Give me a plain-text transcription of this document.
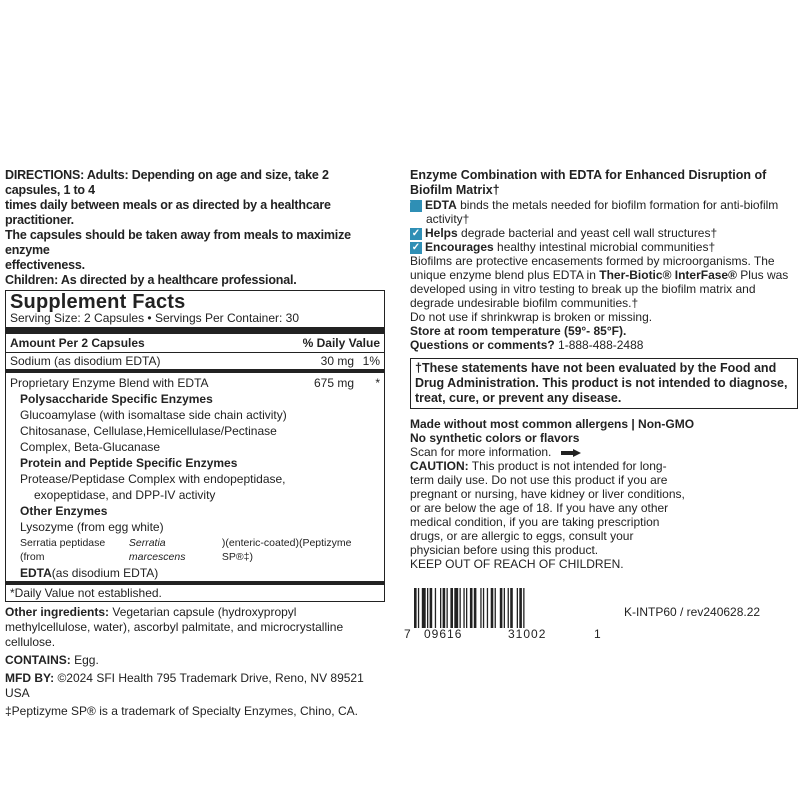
DIRECTIONS: Adults: Depending on age and size, take 2 capsules, 1 to 4
times daily between meals or as directed by a healthcare practitioner.
The capsules should be taken away from meals to maximize enzyme
effectiveness.
Children: As directed by a healthcare professional.
Supplement Facts
Serving Size: 2 Capsules • Servings Per Container: 30
Amount Per 2 Capsules	% Daily Value
Sodium (as disodium EDTA)	30 mg 1%
Proprietary Enzyme Blend with EDTA	675 mg	*
Polysaccharide Specific Enzymes
Glucoamylase (with isomaltase side chain activity)
Chitosanase, Cellulase,Hemicellulase/Pectinase
Complex, Beta-Glucanase
Protein and Peptide Specific Enzymes
Protease/Peptidase Complex with endopeptidase,
exopeptidase, and DPP-IV activity
Other Enzymes
Lysozyme (from egg white)
Serratia peptidase (from
Serratia marcescens
)(enteric-coated)(Peptizyme SP®‡)
EDTA (as disodium EDTA)
*Daily Value not established.
Other ingredients: Vegetarian capsule (hydroxypropyl methylcellulose, water), ascorbyl palmitate, and microcrystalline cellulose.
CONTAINS: Egg.
MFD BY: ©2024 SFI Health 795 Trademark Drive, Reno, NV 89521 USA
‡Peptizyme SP® is a trademark of Specialty Enzymes, Chino, CA.
Enzyme Combination with EDTA for Enhanced Disruption of Biofilm Matrix†
✓ EDTA binds the metals needed for biofilm formation for anti-biofilm activity†
✓ Helps degrade bacterial and yeast cell wall structures†
✓ Encourages healthy intestinal microbial communities†
Biofilms are protective encasements formed by microorganisms. The unique enzyme blend plus EDTA in Ther-Biotic® InterFase® Plus was developed using in vitro testing to break up the biofilm matrix and degrade undesirable biofilm communities.†
Do not use if shrinkwrap is broken or missing.
Store at room temperature (59°- 85°F).
Questions or comments? 1-888-488-2488
†These statements have not been evaluated by the Food and Drug Administration. This product is not intended to diagnose, treat, cure, or prevent any disease.
Made without most common allergens | Non-GMO
No synthetic colors or flavors
Scan for more information.
CAUTION: This product is not intended for long-term daily use. Do not use this product if you are pregnant or nursing, have kidney or liver conditions, or are below the age of 18. If you have any other medical condition, if you are taking prescription drugs, or are allergic to eggs, consult your physician before using this product.
KEEP OUT OF REACH OF CHILDREN.
7 09616	31002	1
K-INTP60 / rev240628.22
